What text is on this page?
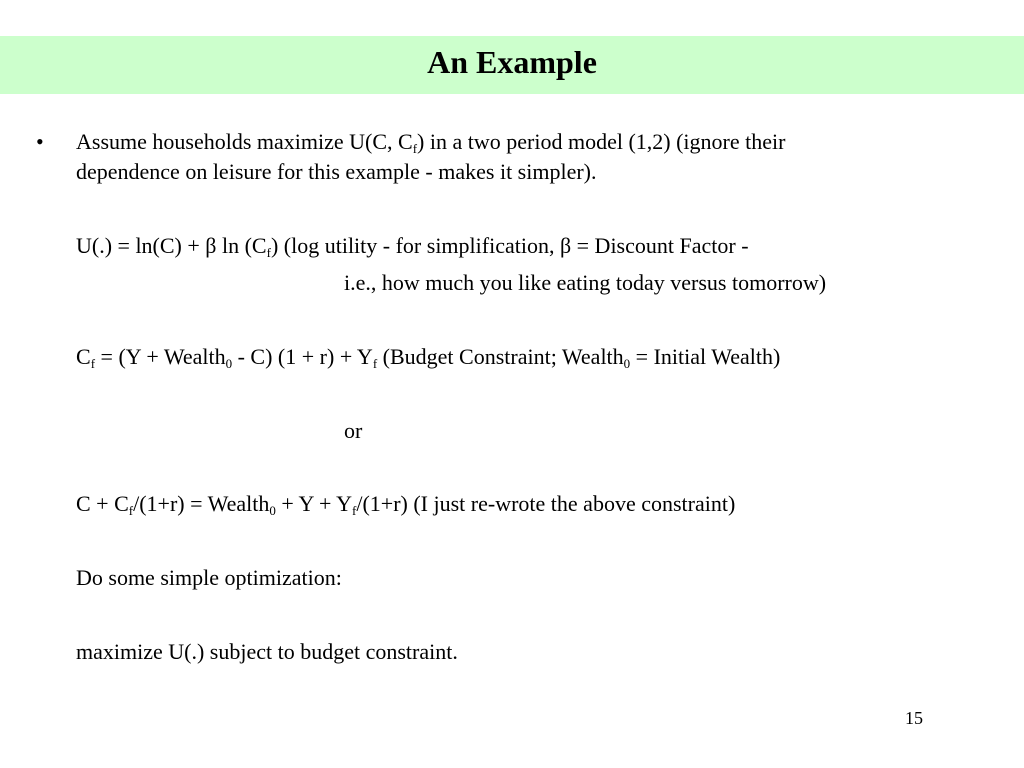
An Example
• Assume households maximize U(C, $C_f$) in a two period model (1,2) (ignore their
dependence on leisure for this example - makes it simpler).
U(.) = ln(C) + β $\ln (C_f)$ (log utility - for simplification, β = Discount Factor -
i.e., how much you like eating today versus tomorrow)
$C_f = (Y$ + Wealth$_0$ - C) $(1 + r) + Y_f$ (Budget Constraint; Wealth$_0$ = Initial Wealth)
or
$C + C_f/(1+r)$ = Wealth$_0$ + $Y + Y_f/(1+r)$ (I just re-wrote the above constraint)
Do some simple optimization:
maximize U(.) subject to budget constraint.
15
